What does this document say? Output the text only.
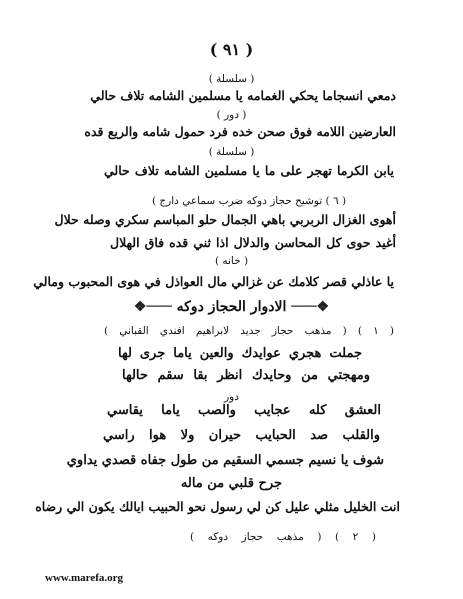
( ٩١ )
( سلسلة )
دمعي انسجاما يحكي الغمامه يا مسلمين الشامه تلاف حالي
( دور )
العارضين اللامه فوق صحن خده فرد حمول شامه والريع قده
( سلسلة )
يابن الكرما تهجر على ما يا مسلمين الشامه تلاف حالي
( ٦ ) توشيح حجاز دوكه ضرب سماعي دارج )
أهوى الغزال الربربي باهي الجمال حلو المباسم سكري وصله حلال
أغيد حوى كل المحاسن والدلال اذا ثني قده فاق الهلال
( خانه )
يا عاذلي قصر كلامك عن غزالي مال العواذل في هوى المحبوب ومالي
❖─── الادوار الحجاز دوكه ───❖
( ١ ) ( مذهب حجاز جديد لابراهيم افندي القباني )
جملت هجري عوايدك والعين ياما جرى لها
ومهجتي من وحايدك انظر بقا سقم حالها
دور
العشق كله عجايب والصب ياما يقاسي
والقلب صد الحبايب حيران ولا هوا راسي
شوف يا نسيم جسمي السقيم من طول جفاه قصدي يداوي
جرح قلبي من ماله
انت الخليل مثلي عليل كن لي رسول نحو الحبيب ايالك يكون الي رضاه
( ٢ ) ( مذهب حجاز دوكه )
www.marefa.org
